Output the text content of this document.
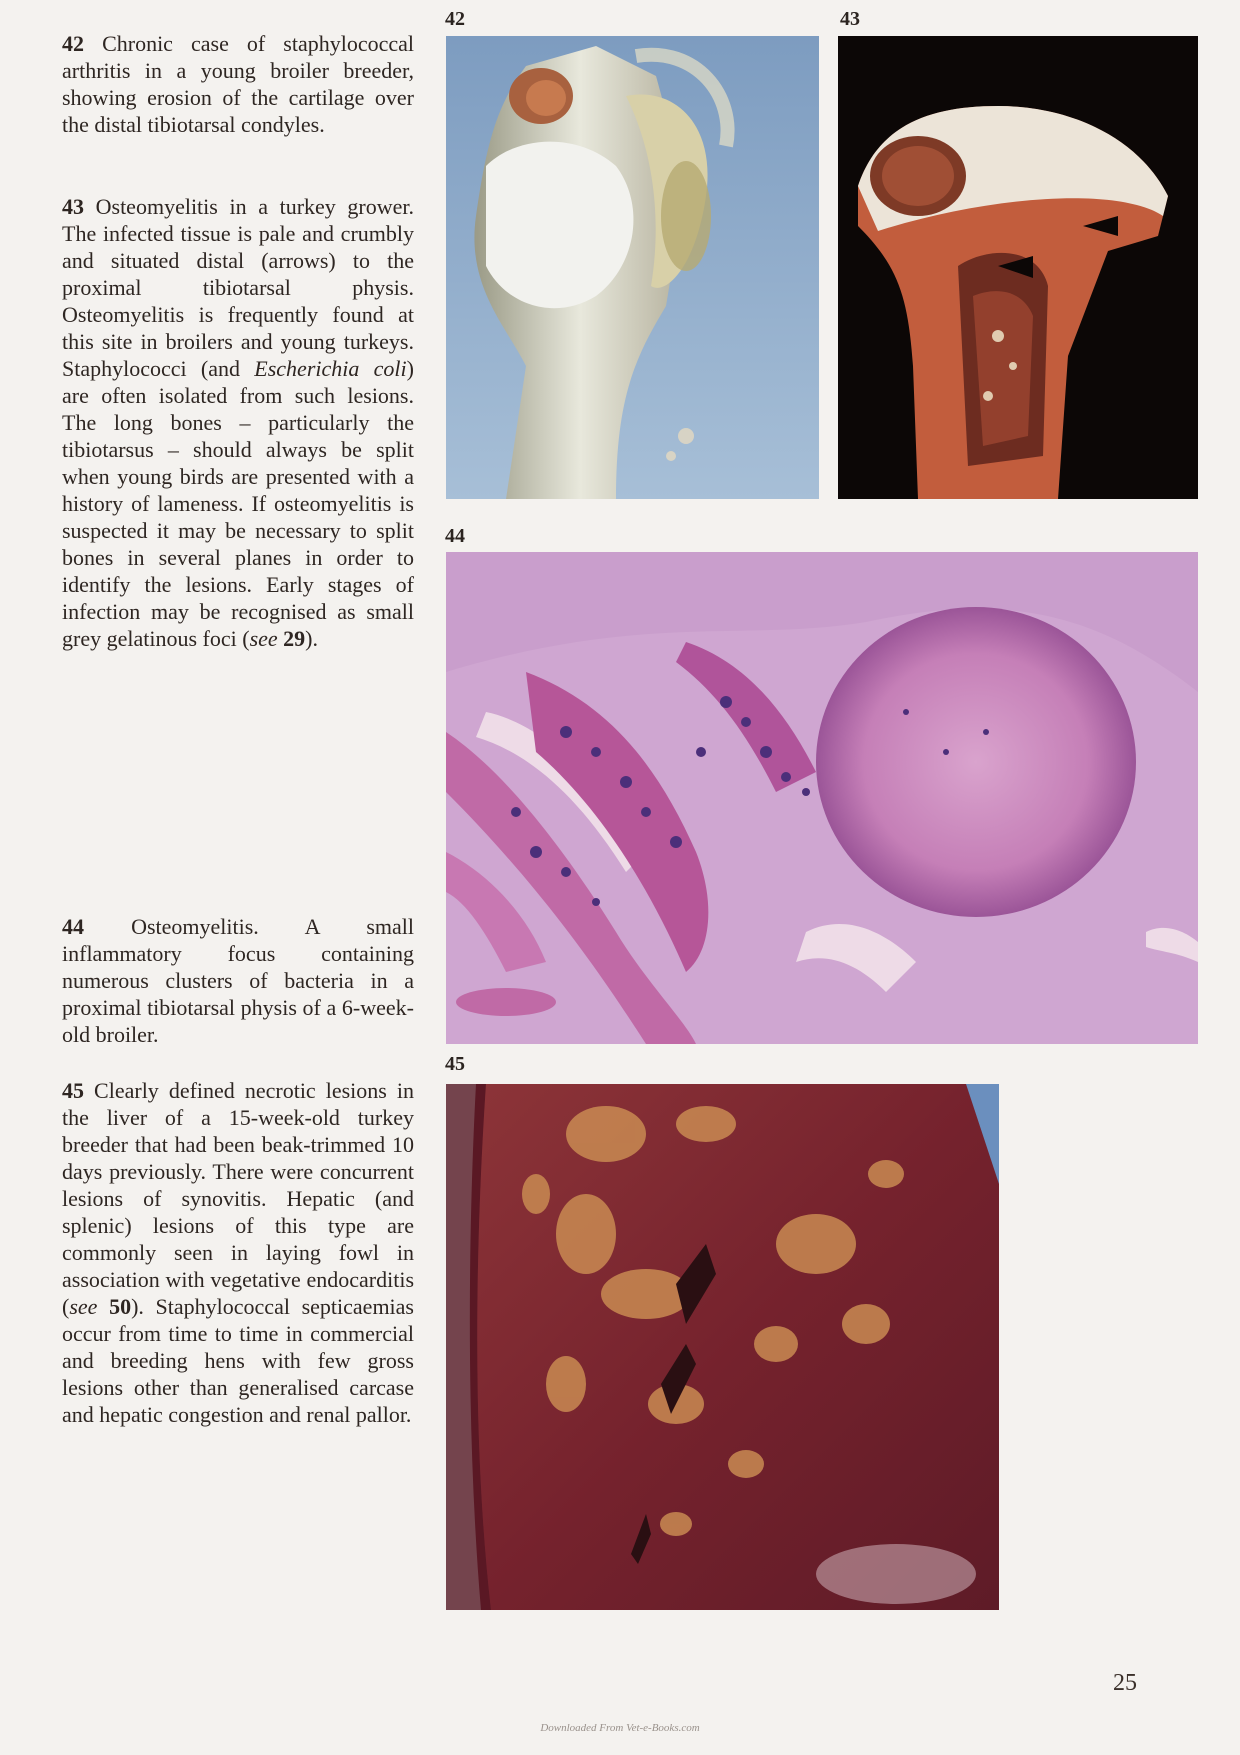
42 Chronic case of staphylococcal arthritis in a young broiler breeder, showing erosion of the cartilage over the distal tibiotarsal condyles.
43 Osteomyelitis in a turkey grower. The infected tissue is pale and crumbly and situated distal (arrows) to the proximal tibiotarsal physis. Osteomyelitis is frequently found at this site in broilers and young turkeys. Staphylococci (and Escherichia coli) are often isolated from such lesions. The long bones – particularly the tibiotarsus – should always be split when young birds are presented with a history of lameness. If osteomyelitis is suspected it may be necessary to split bones in several planes in order to identify the lesions. Early stages of infection may be recognised as small grey gelatinous foci (see 29).
44 Osteomyelitis. A small inflammatory focus containing numerous clusters of bacteria in a proximal tibiotarsal physis of a 6-week-old broiler.
45 Clearly defined necrotic lesions in the liver of a 15-week-old turkey breeder that had been beak-trimmed 10 days previously. There were concurrent lesions of synovitis. Hepatic (and splenic) lesions of this type are commonly seen in laying fowl in association with vegetative endocarditis (see 50). Staphylococcal septicaemias occur from time to time in commercial and breeding hens with few gross lesions other than generalised carcase and hepatic congestion and renal pallor.
42	43
44
45
25
Downloaded From Vet-e-Books.com
